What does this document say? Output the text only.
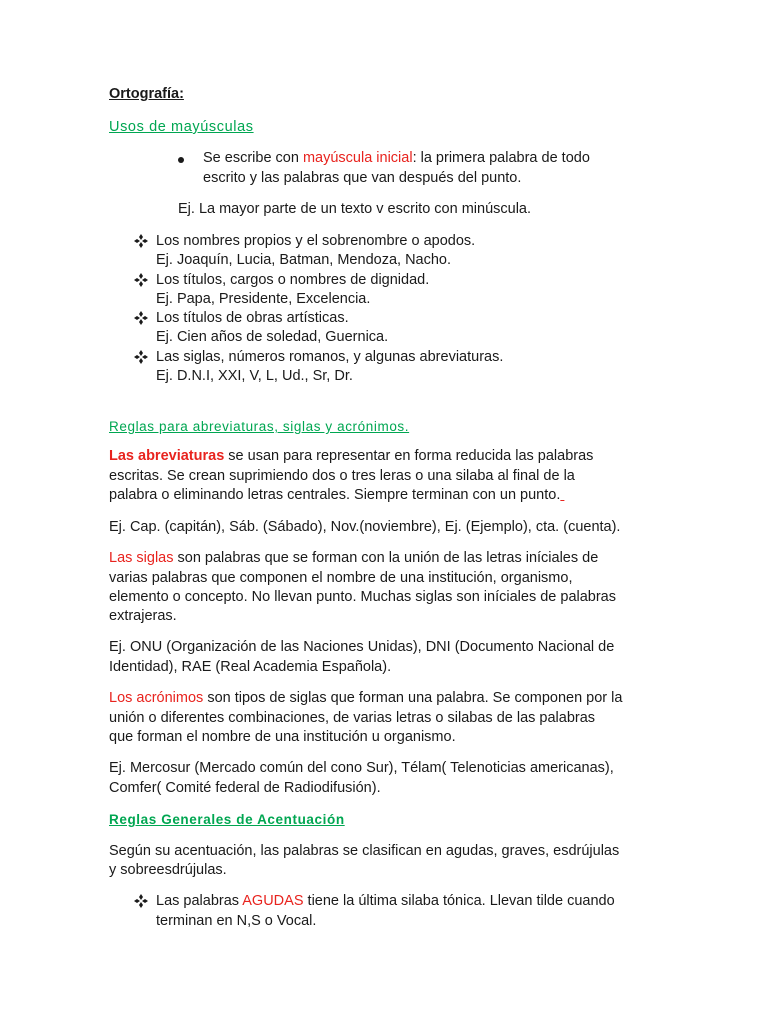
Ortografía:
Usos de mayúsculas
Se escribe con mayúscula inicial: la primera palabra de todo
escrito y las palabras que van después del punto.
Ej. La mayor parte de un texto v escrito con minúscula.
Los nombres propios y el sobrenombre o apodos.
Ej. Joaquín, Lucia, Batman, Mendoza, Nacho.
Los títulos, cargos o nombres de dignidad.
Ej. Papa, Presidente, Excelencia.
Los títulos de obras artísticas.
Ej. Cien años de soledad, Guernica.
Las siglas, números romanos, y algunas abreviaturas.
Ej. D.N.I, XXI, V, L, Ud., Sr, Dr.
Reglas para abreviaturas, siglas y acrónimos.
Las abreviaturas se usan para representar en forma reducida las palabras
escritas. Se crean suprimiendo dos o tres leras o una silaba al final de la
palabra o eliminando letras centrales. Siempre terminan con un punto.
Ej. Cap. (capitán), Sáb. (Sábado), Nov.(noviembre), Ej. (Ejemplo), cta. (cuenta).
Las siglas son palabras que se forman con la unión de las letras iníciales de
varias palabras que componen el nombre de una institución, organismo,
elemento o concepto. No llevan punto. Muchas siglas son iníciales de palabras
extrajeras.
Ej. ONU (Organización de las Naciones Unidas), DNI (Documento Nacional de
Identidad), RAE (Real Academia Española).
Los acrónimos son tipos de siglas que forman una palabra. Se componen por la
unión o diferentes combinaciones, de varias letras o silabas de las palabras
que forman el nombre de una institución u organismo.
Ej. Mercosur (Mercado común del cono Sur), Télam( Telenoticias americanas),
Comfer( Comité federal de Radiodifusión).
Reglas Generales de Acentuación
Según su acentuación, las palabras se clasifican en agudas, graves, esdrújulas
y sobreesdrújulas.
Las palabras AGUDAS tiene la última silaba tónica. Llevan tilde cuando
terminan en N,S o Vocal.
